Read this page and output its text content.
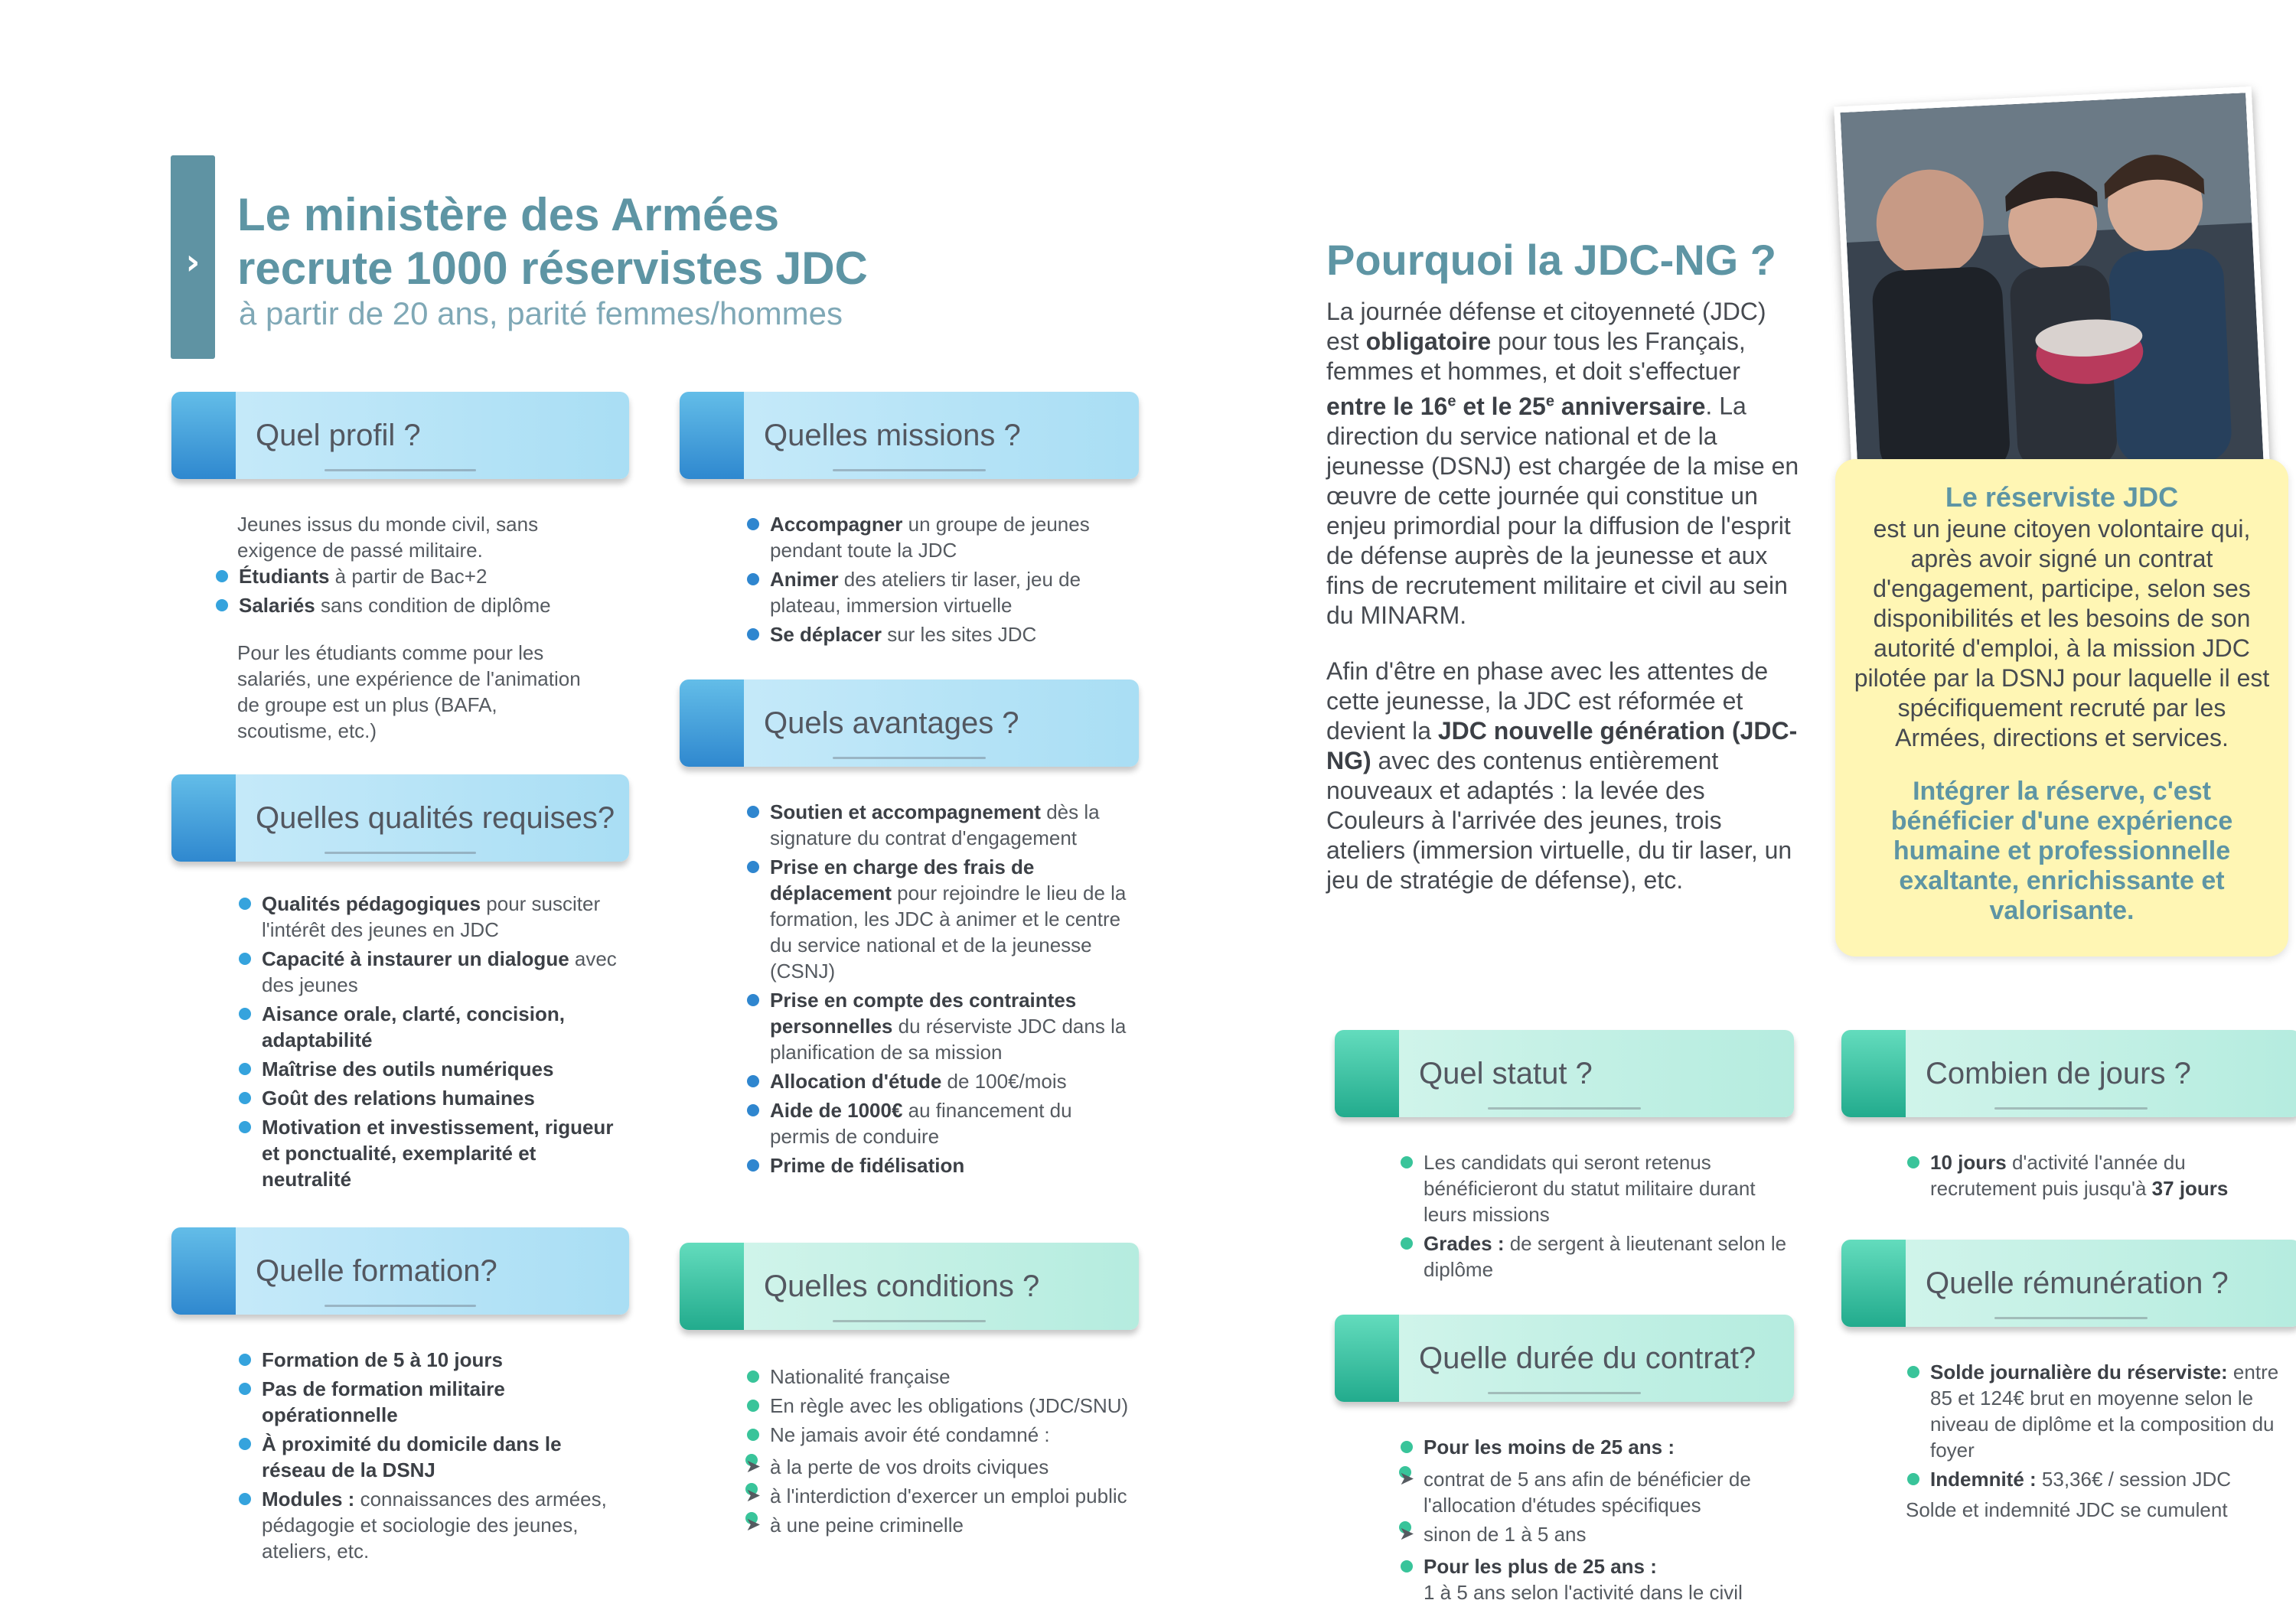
›
Le ministère des Armées
recrute 1000 réservistes JDC
à partir de 20 ans, parité femmes/hommes
Quel profil ?

Jeunes issus du monde civil, sans exigence de passé militaire.

Étudiants à partir de Bac+2
Salariés sans condition de diplôme

Pour les étudiants comme pour les salariés, une expérience de l'animation de groupe est un plus (BAFA, scoutisme, etc.)

Quelles qualités requises?
Qualités pédagogiques pour susciter l'intérêt des jeunes en JDC
Capacité à instaurer un dialogue avec des jeunes
Aisance orale, clarté, concision, adaptabilité
Maîtrise des outils numériques
Goût des relations humaines
Motivation et investissement, rigueur et ponctualité, exemplarité et neutralité
Quelle formation?
Formation de 5 à 10 jours
Pas de formation militaire opérationnelle
À proximité du domicile dans le réseau de la DSNJ
Modules : connaissances des armées, pédagogie et sociologie des jeunes, ateliers, etc.
Quelles missions ?
Accompagner un groupe de jeunes pendant toute la JDC
Animer des ateliers tir laser, jeu de plateau, immersion virtuelle
Se déplacer sur les sites JDC
Quels avantages ?
Soutien et accompagnement dès la signature du contrat d'engagement
Prise en charge des frais de déplacement pour rejoindre le lieu de la formation, les JDC à animer et le centre du service national et de la jeunesse (CSNJ)
Prise en compte des contraintes personnelles du réserviste JDC dans la planification de sa mission
Allocation d'étude de 100€/mois
Aide de 1000€ au financement du permis de conduire
Prime de fidélisation
Quelles conditions ?
Nationalité française
En règle avec les obligations (JDC/SNU)
Ne jamais avoir été condamné :
➤ à la perte de vos droits civiques
➤ à l'interdiction d'exercer un emploi public
➤ à une peine criminelle
Pourquoi la JDC-NG ?

La journée défense et citoyenneté (JDC) est obligatoire pour tous les Français, femmes et hommes, et doit s'effectuer entre le 16e et le 25e anniversaire. La direction du service national et de la jeunesse (DSNJ) est chargée de la mise en œuvre de cette journée qui constitue un enjeu primordial pour la diffusion de l'esprit de défense auprès de la jeunesse et aux fins de recrutement militaire et civil au sein du MINARM.

Afin d'être en phase avec les attentes de cette jeunesse, la JDC est réformée et devient la JDC nouvelle génération (JDC-NG) avec des contenus entièrement nouveaux et adaptés : la levée des Couleurs à l'arrivée des jeunes, trois ateliers (immersion virtuelle, du tir laser, un jeu de stratégie de défense), etc.

Le réserviste JDC
est un jeune citoyen volontaire qui, après avoir signé un contrat d'engagement, participe, selon ses disponibilités et les besoins de son autorité d'emploi, à la mission JDC pilotée par la DSNJ pour laquelle il est spécifiquement recruté par les Armées, directions et services.
Intégrer la réserve, c'est bénéficier d'une expérience humaine et professionnelle exaltante, enrichissante et valorisante.
Quel statut ?
Les candidats qui seront retenus bénéficieront du statut militaire durant leurs missions
Grades : de sergent à lieutenant selon le diplôme
Quelle durée du contrat?
Pour les moins de 25 ans :
➤ contrat de 5 ans afin de bénéficier de l'allocation d'études spécifiques
➤ sinon de 1 à 5 ans
Pour les plus de 25 ans :
1 à 5 ans selon l'activité dans le civil
Combien de jours ?
10 jours d'activité l'année du recrutement puis jusqu'à 37 jours
Quelle rémunération ?
Solde journalière du réserviste: entre 85 et 124€ brut en moyenne selon le niveau de diplôme et la composition du foyer
Indemnité : 53,36€ / session JDC

Solde et indemnité JDC se cumulent
